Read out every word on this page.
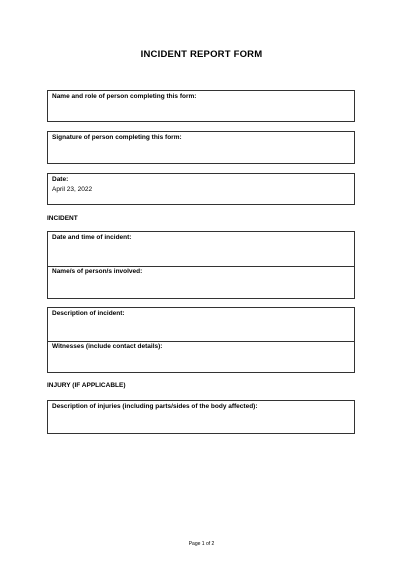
INCIDENT REPORT FORM
Name and role of person completing this form:
Signature of person completing this form:
Date:
April 23, 2022
INCIDENT
Date and time of incident:
Name/s of person/s involved:
Description of incident:
Witnesses (include contact details):
INJURY (IF APPLICABLE)
Description of injuries (including parts/sides of the body affected):
Page 1 of 2
